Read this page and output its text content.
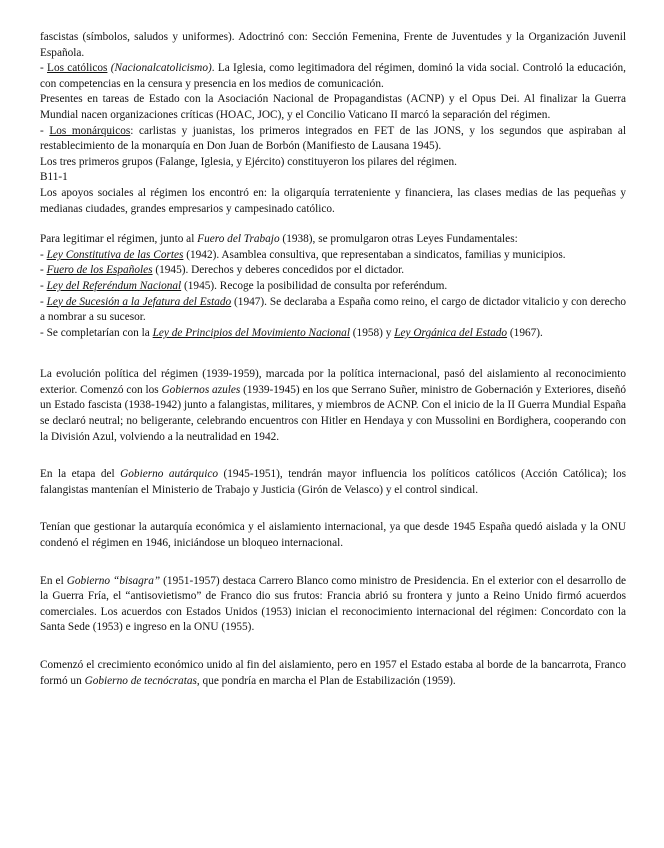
fascistas (símbolos, saludos y uniformes). Adoctrinó con: Sección Femenina, Frente de Juventudes y la Organización Juvenil Española.

- Los católicos (Nacionalcatolicismo). La Iglesia, como legitimadora del régimen, dominó la vida social. Controló la educación, con competencias en la censura y presencia en los medios de comunicación.

Presentes en tareas de Estado con la Asociación Nacional de Propagandistas (ACNP) y el Opus Dei. Al finalizar la Guerra Mundial nacen organizaciones críticas (HOAC, JOC), y el Concilio Vaticano II marcó la separación del régimen.

- Los monárquicos: carlistas y juanistas, los primeros integrados en FET de las JONS, y los segundos que aspiraban al restablecimiento de la monarquía en Don Juan de Borbón (Manifiesto de Lausana 1945).

Los tres primeros grupos (Falange, Iglesia, y Ejército) constituyeron los pilares del régimen.

B11-1

Los apoyos sociales al régimen los encontró en: la oligarquía terrateniente y financiera, las clases medias de las pequeñas y medianas ciudades, grandes empresarios y campesinado católico.

Para legitimar el régimen, junto al Fuero del Trabajo (1938), se promulgaron otras Leyes Fundamentales:

- Ley Constitutiva de las Cortes (1942). Asamblea consultiva, que representaban a sindicatos, familias y municipios.

- Fuero de los Españoles (1945). Derechos y deberes concedidos por el dictador.

- Ley del Referéndum Nacional (1945). Recoge la posibilidad de consulta por referéndum.

- Ley de Sucesión a la Jefatura del Estado (1947). Se declaraba a España como reino, el cargo de dictador vitalicio y con derecho a nombrar a su sucesor.

- Se completarían con la Ley de Principios del Movimiento Nacional (1958) y Ley Orgánica del Estado (1967).

La evolución política del régimen (1939-1959), marcada por la política internacional, pasó del aislamiento al reconocimiento exterior. Comenzó con los Gobiernos azules (1939-1945) en los que Serrano Suñer, ministro de Gobernación y Exteriores, diseñó un Estado fascista (1938-1942) junto a falangistas, militares, y miembros de ACNP. Con el inicio de la II Guerra Mundial España se declaró neutral; no beligerante, celebrando encuentros con Hitler en Hendaya y con Mussolini en Bordighera, cooperando con la División Azul, volviendo a la neutralidad en 1942.

En la etapa del Gobierno autárquico (1945-1951), tendrán mayor influencia los políticos católicos (Acción Católica); los falangistas mantenían el Ministerio de Trabajo y Justicia (Girón de Velasco) y el control sindical.

Tenían que gestionar la autarquía económica y el aislamiento internacional, ya que desde 1945 España quedó aislada y la ONU condenó el régimen en 1946, iniciándose un bloqueo internacional.

En el Gobierno “bisagra” (1951-1957) destaca Carrero Blanco como ministro de Presidencia. En el exterior con el desarrollo de la Guerra Fría, el “antisovietismo” de Franco dio sus frutos: Francia abrió su frontera y junto a Reino Unido firmó acuerdos comerciales. Los acuerdos con Estados Unidos (1953) inician el reconocimiento internacional del régimen: Concordato con la Santa Sede (1953) e ingreso en la ONU (1955).

Comenzó el crecimiento económico unido al fin del aislamiento, pero en 1957 el Estado estaba al borde de la bancarrota, Franco formó un Gobierno de tecnócratas, que pondría en marcha el Plan de Estabilización (1959).
